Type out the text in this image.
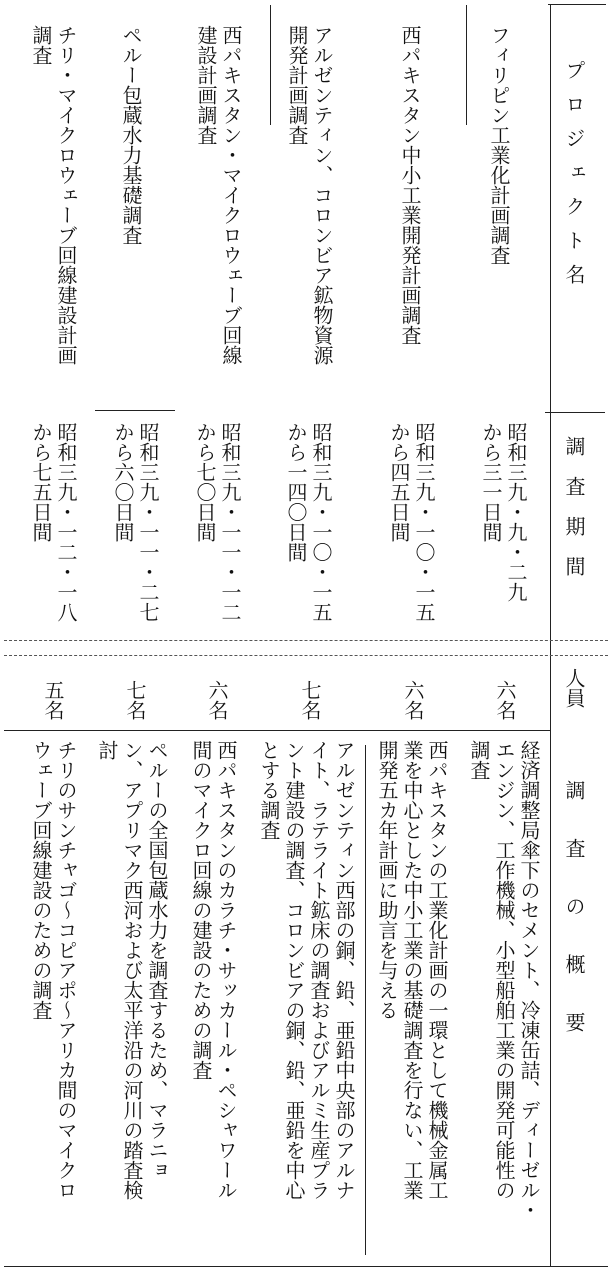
プロジェクト名
調査期間
人員
調査の概要
フィリピン工業化計画調査
西パキスタン中小工業開発計画調査
アルゼンティン、コロンビア鉱物資源
開発計画調査
西パキスタン・マイクロウェーブ回線
建設計画調査
ペルー包蔵水力基礎調査
チリ・マイクロウェーブ回線建設計画
調査
昭和三九・九・二九
から三一日間
昭和三九・一〇・一五
から四五日間
昭和三九・一〇・一五
から一四〇日間
昭和三九・一一・一二
から七〇日間
昭和三九・一一・二七
から六〇日間
昭和三九・一二・一八
から七五日間
六名
六名
七名
六名
七名
五名
経済調整局傘下のセメント、冷凍缶詰、ディーゼル・
エンジン、工作機械、小型船舶工業の開発可能性の
調査
西パキスタンの工業化計画の一環として機械金属工
業を中心とした中小工業の基礎調査を行ない、工業
開発五カ年計画に助言を与える
アルゼンティン西部の銅、鉛、亜鉛中央部のアルナ
イト、ラテライト鉱床の調査およびアルミ生産プラ
ント建設の調査、コロンビアの銅、鉛、亜鉛を中心
とする調査
西パキスタンのカラチ・サッカール・ペシャワール
間のマイクロ回線の建設のための調査
ペルーの全国包蔵水力を調査するため、マラニョ
ン、アプリマク西河および太平洋沿の河川の踏査検
討
チリのサンチャゴ〜コピアポ〜アリカ間のマイクロ
ウェーブ回線建設のための調査
